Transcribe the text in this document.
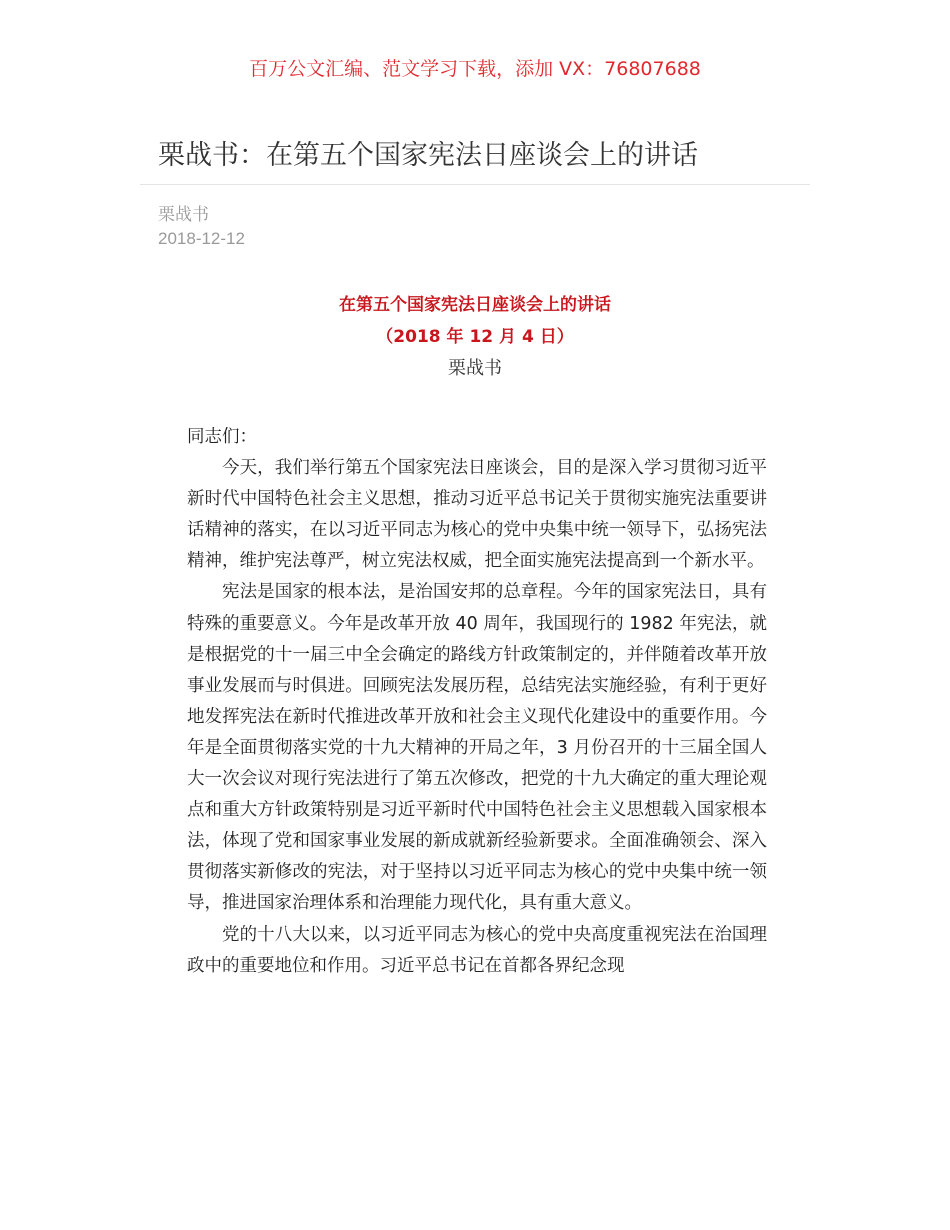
百万公文汇编、范文学习下载，添加 VX：76807688
栗战书：在第五个国家宪法日座谈会上的讲话
栗战书
2018-12-12
在第五个国家宪法日座谈会上的讲话
（2018 年 12 月 4 日）
栗战书

同志们：

今天，我们举行第五个国家宪法日座谈会，目的是深入学习贯彻习近平新时代中国特色社会主义思想，推动习近平总书记关于贯彻实施宪法重要讲话精神的落实，在以习近平同志为核心的党中央集中统一领导下，弘扬宪法精神，维护宪法尊严，树立宪法权威，把全面实施宪法提高到一个新水平。

宪法是国家的根本法，是治国安邦的总章程。今年的国家宪法日，具有特殊的重要意义。今年是改革开放 40 周年，我国现行的 1982 年宪法，就是根据党的十一届三中全会确定的路线方针政策制定的，并伴随着改革开放事业发展而与时俱进。回顾宪法发展历程，总结宪法实施经验，有利于更好地发挥宪法在新时代推进改革开放和社会主义现代化建设中的重要作用。今年是全面贯彻落实党的十九大精神的开局之年，3 月份召开的十三届全国人大一次会议对现行宪法进行了第五次修改，把党的十九大确定的重大理论观点和重大方针政策特别是习近平新时代中国特色社会主义思想载入国家根本法，体现了党和国家事业发展的新成就新经验新要求。全面准确领会、深入贯彻落实新修改的宪法，对于坚持以习近平同志为核心的党中央集中统一领导，推进国家治理体系和治理能力现代化，具有重大意义。

党的十八大以来，以习近平同志为核心的党中央高度重视宪法在治国理政中的重要地位和作用。习近平总书记在首都各界纪念现
